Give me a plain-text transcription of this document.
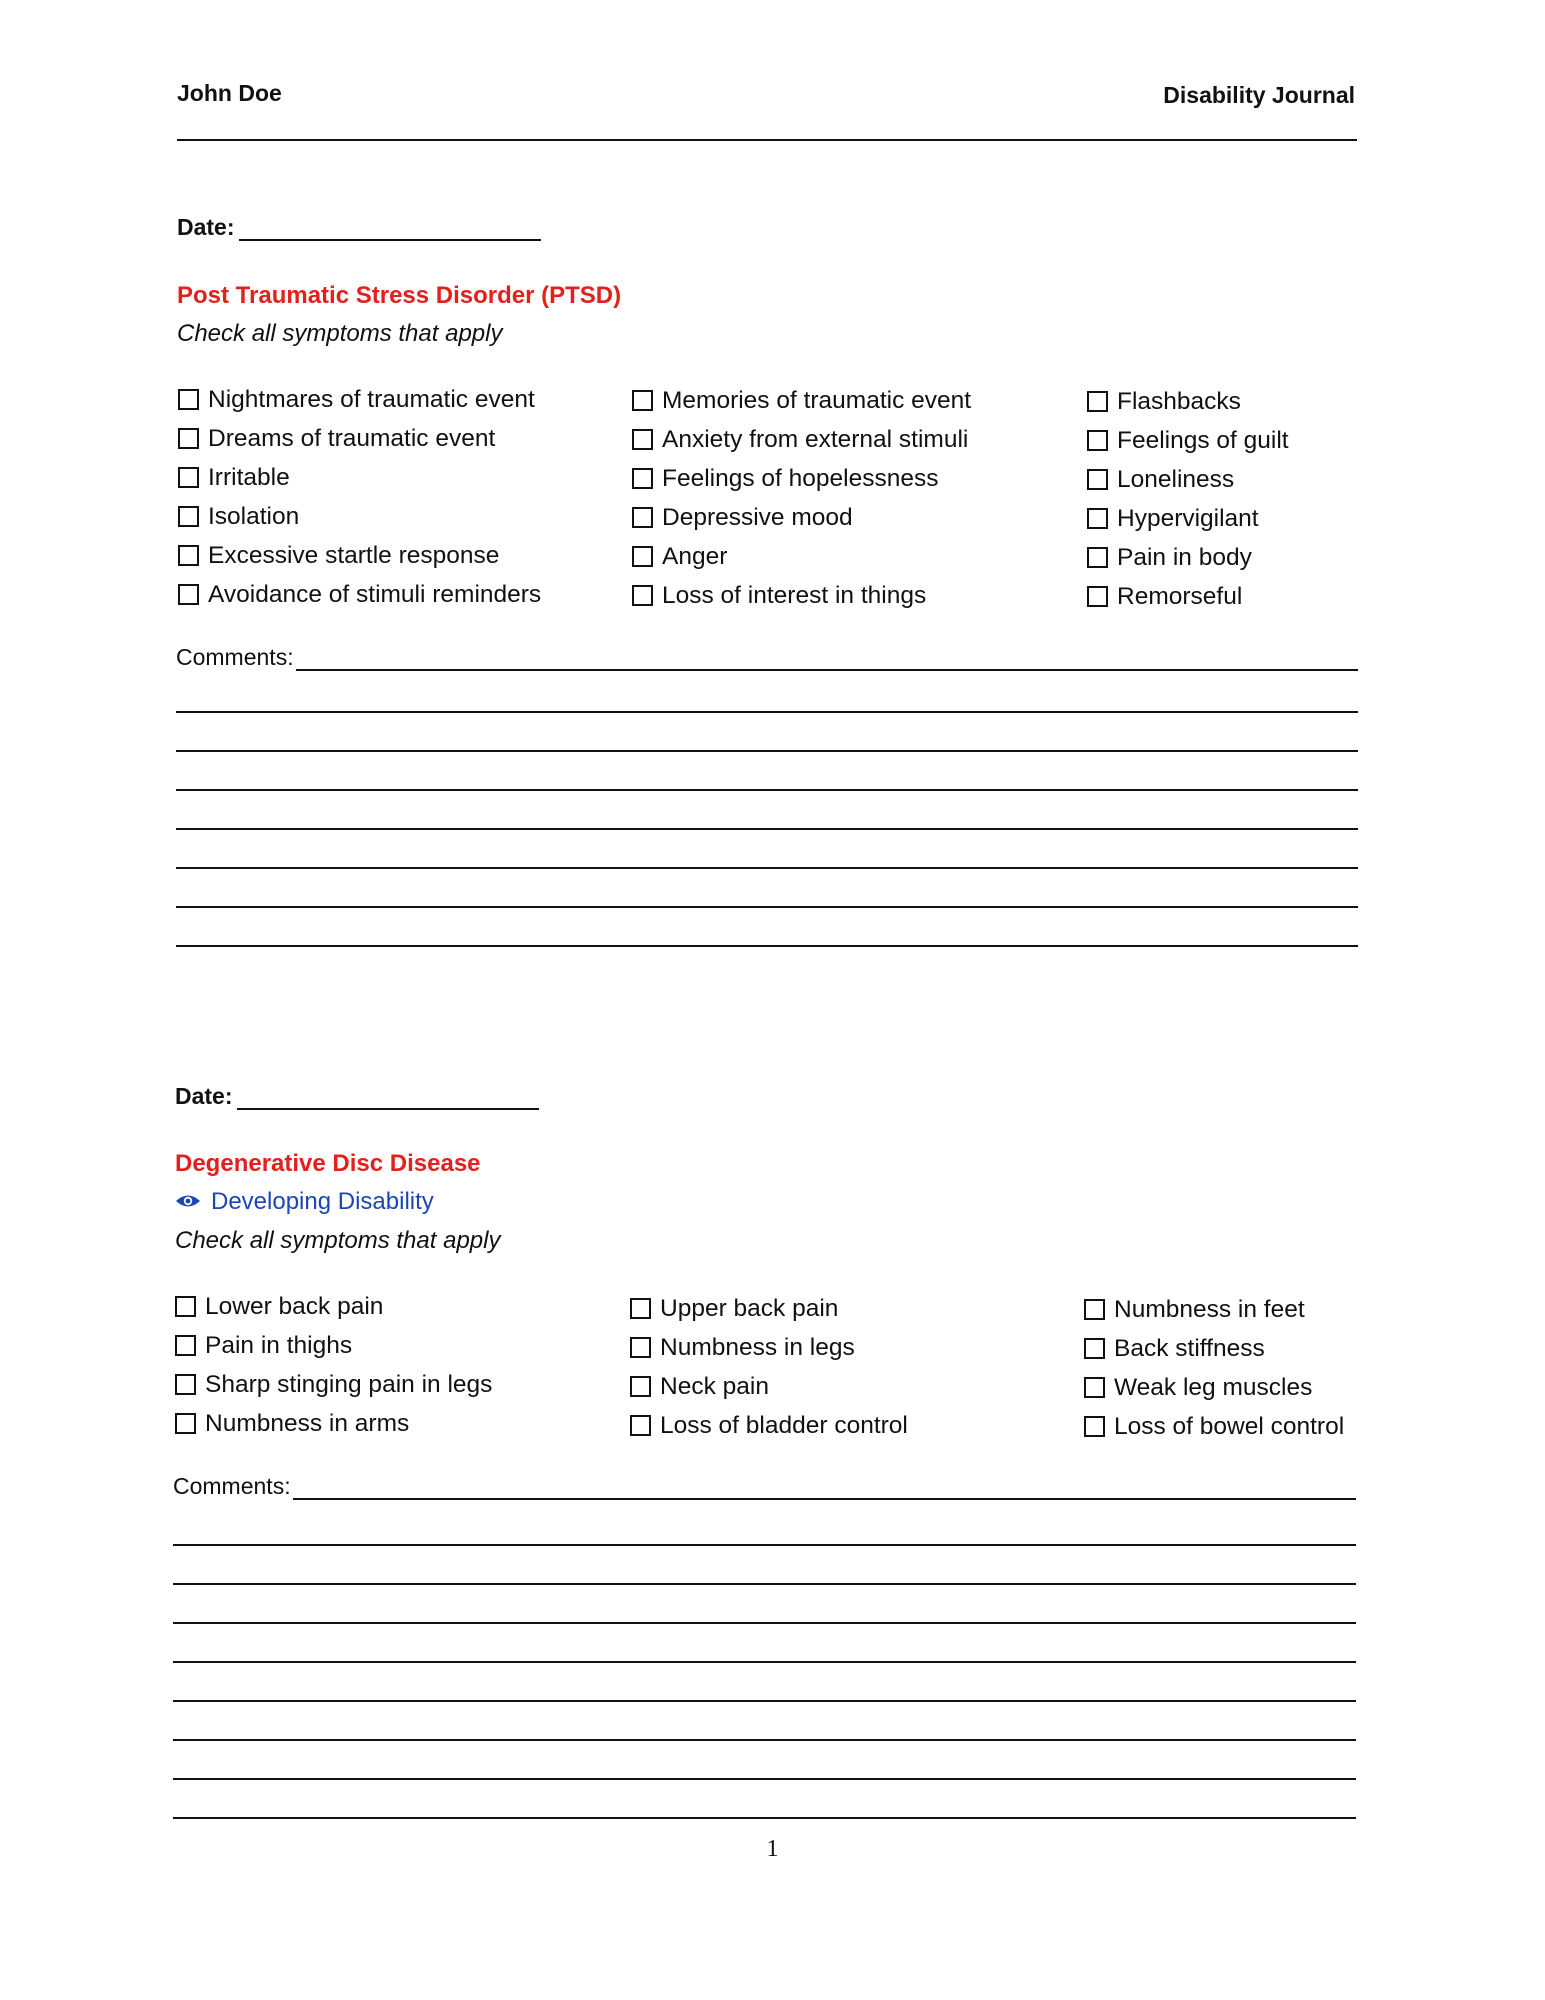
John Doe	Disability Journal
Date:
Post Traumatic Stress Disorder (PTSD)
Check all symptoms that apply
Nightmares of traumatic event
Dreams of traumatic event
Irritable
Isolation
Excessive startle response
Avoidance of stimuli reminders
Memories of traumatic event
Anxiety from external stimuli
Feelings of hopelessness
Depressive mood
Anger
Loss of interest in things
Flashbacks
Feelings of guilt
Loneliness
Hypervigilant
Pain in body
Remorseful
Comments:
Date:
Degenerative Disc Disease
Developing Disability
Check all symptoms that apply
Lower back pain
Pain in thighs
Sharp stinging pain in legs
Numbness in arms
Upper back pain
Numbness in legs
Neck pain
Loss of bladder control
Numbness in feet
Back stiffness
Weak leg muscles
Loss of bowel control
Comments:
1
